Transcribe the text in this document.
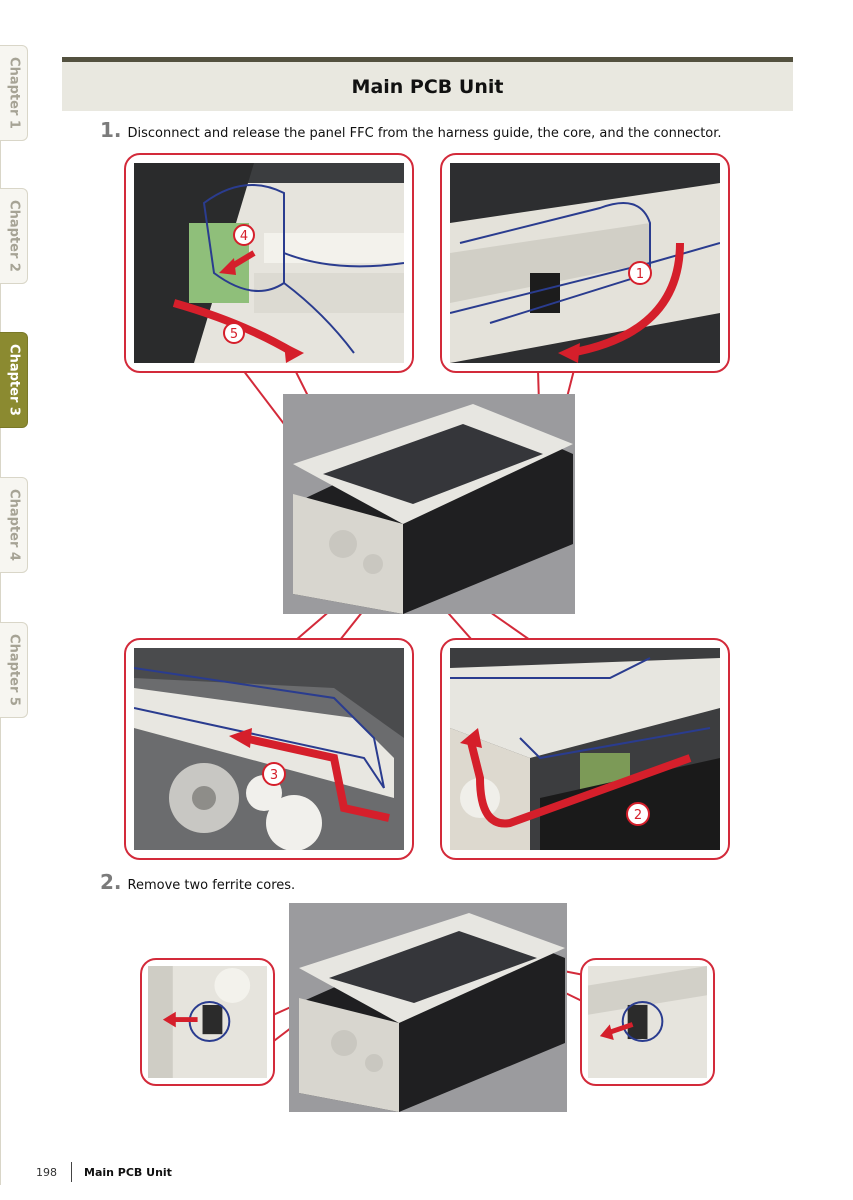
Chapter 1
Chapter 2
Chapter 3
Chapter 4
Chapter 5
Main PCB Unit
1. Disconnect and release the panel FFC from the harness guide, the core, and the connector.
4
5
1
3
2
2. Remove two ferrite cores.
198 Main PCB Unit
